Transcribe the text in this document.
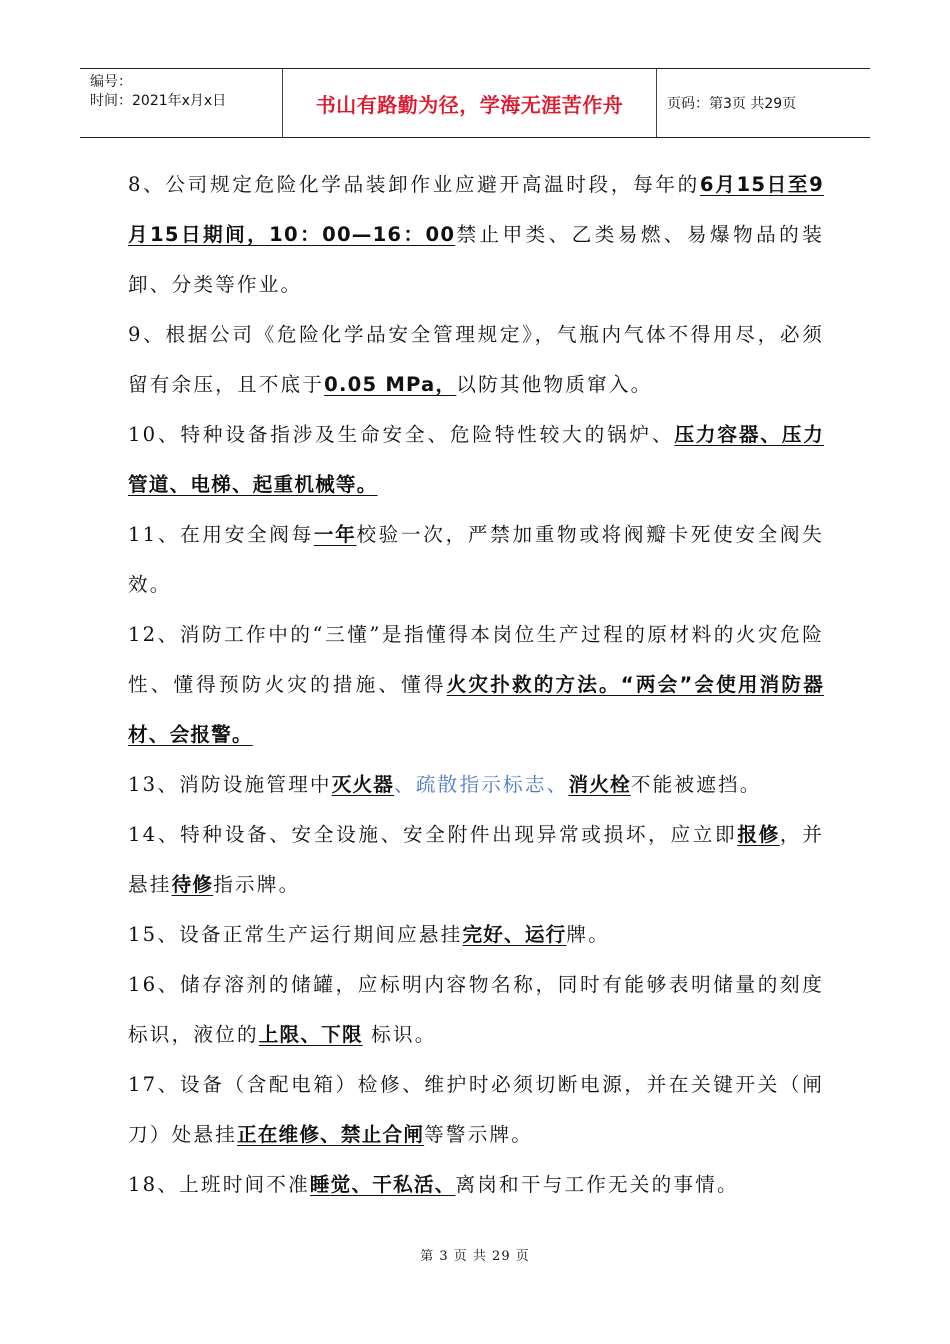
编号：
时间：2021年x月x日	书山有路勤为径，学海无涯苦作舟	页码：第3页 共29页

8、公司规定危险化学品装卸作业应避开高温时段，每年的6月15日至9月15日期间，10：00—16：00禁止甲类、乙类易燃、易爆物品的装卸、分类等作业。

9、根据公司《危险化学品安全管理规定》，气瓶内气体不得用尽，必须留有余压，且不底于0.05 MPa，以防其他物质窜入。

10、特种设备指涉及生命安全、危险特性较大的锅炉、压力容器、压力管道、电梯、起重机械等。

11、在用安全阀每一年校验一次，严禁加重物或将阀瓣卡死使安全阀失效。

12、消防工作中的“三懂”是指懂得本岗位生产过程的原材料的火灾危险性、懂得预防火灾的措施、懂得火灾扑救的方法。“两会”会使用消防器材、会报警。

13、消防设施管理中灭火器、疏散指示标志、消火栓不能被遮挡。

14、特种设备、安全设施、安全附件出现异常或损坏，应立即报修，并悬挂待修指示牌。

15、设备正常生产运行期间应悬挂完好、运行牌。

16、储存溶剂的储罐，应标明内容物名称，同时有能够表明储量的刻度标识，液位的上限、下限 标识。

17、设备（含配电箱）检修、维护时必须切断电源，并在关键开关（闸刀）处悬挂正在维修、禁止合闸等警示牌。

18、上班时间不准睡觉、干私活、离岗和干与工作无关的事情。

第 3 页 共 29 页
